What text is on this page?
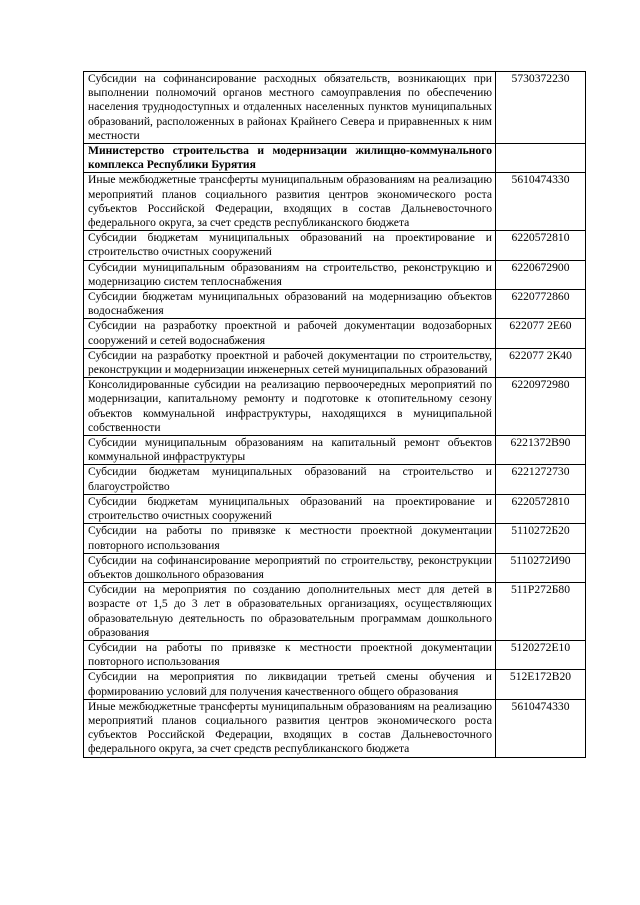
Субсидии на софинансирование расходных обязательств, возникающих при выполнении полномочий органов местного самоуправления по обеспечению населения труднодоступных и отдаленных населенных пунктов муниципальных образований, расположенных в районах Крайнего Севера и приравненных к ним местности	5730372230
Министерство строительства и модернизации жилищно-коммунального комплекса Республики Бурятия	
Иные межбюджетные трансферты муниципальным образованиям на реализацию мероприятий планов социального развития центров экономического роста субъектов Российской Федерации, входящих в состав Дальневосточного федерального округа, за счет средств республиканского бюджета	5610474330
Субсидии бюджетам муниципальных образований на проектирование и строительство очистных сооружений	6220572810
Субсидии муниципальным образованиям на строительство, реконструкцию и модернизацию систем теплоснабжения	6220672900
Субсидии бюджетам муниципальных образований на модернизацию объектов водоснабжения	6220772860
Субсидии на разработку проектной и рабочей документации водозаборных сооружений и сетей водоснабжения	622077 2Е60
Субсидии на разработку проектной и рабочей документации по строительству, реконструкции и модернизации инженерных сетей муниципальных образований	622077 2К40
Консолидированные субсидии на реализацию первоочередных мероприятий по модернизации, капитальному ремонту и подготовке к отопительному сезону объектов коммунальной инфраструктуры, находящихся в муниципальной собственности	6220972980
Субсидии муниципальным образованиям на капитальный ремонт объектов коммунальной инфраструктуры	6221372В90
Субсидии бюджетам муниципальных образований на строительство и благоустройство	6221272730
Субсидии бюджетам муниципальных образований на проектирование и строительство очистных сооружений	6220572810
Субсидии на работы по привязке к местности проектной документации повторного использования	5110272Б20
Субсидии на софинансирование мероприятий по строительству, реконструкции объектов дошкольного образования	5110272И90
Субсидии на мероприятия по созданию дополнительных мест для детей в возрасте от 1,5 до 3 лет в образовательных организациях, осуществляющих образовательную деятельность по образовательным программам дошкольного образования	511Р272Б80
Субсидии на работы по привязке к местности проектной документации повторного использования	5120272Е10
Субсидии на мероприятия по ликвидации третьей смены обучения и формированию условий для получения качественного общего образования	512Е172В20
Иные межбюджетные трансферты муниципальным образованиям на реализацию мероприятий планов социального развития центров экономического роста субъектов Российской Федерации, входящих в состав Дальневосточного федерального округа, за счет средств республиканского бюджета	5610474330
